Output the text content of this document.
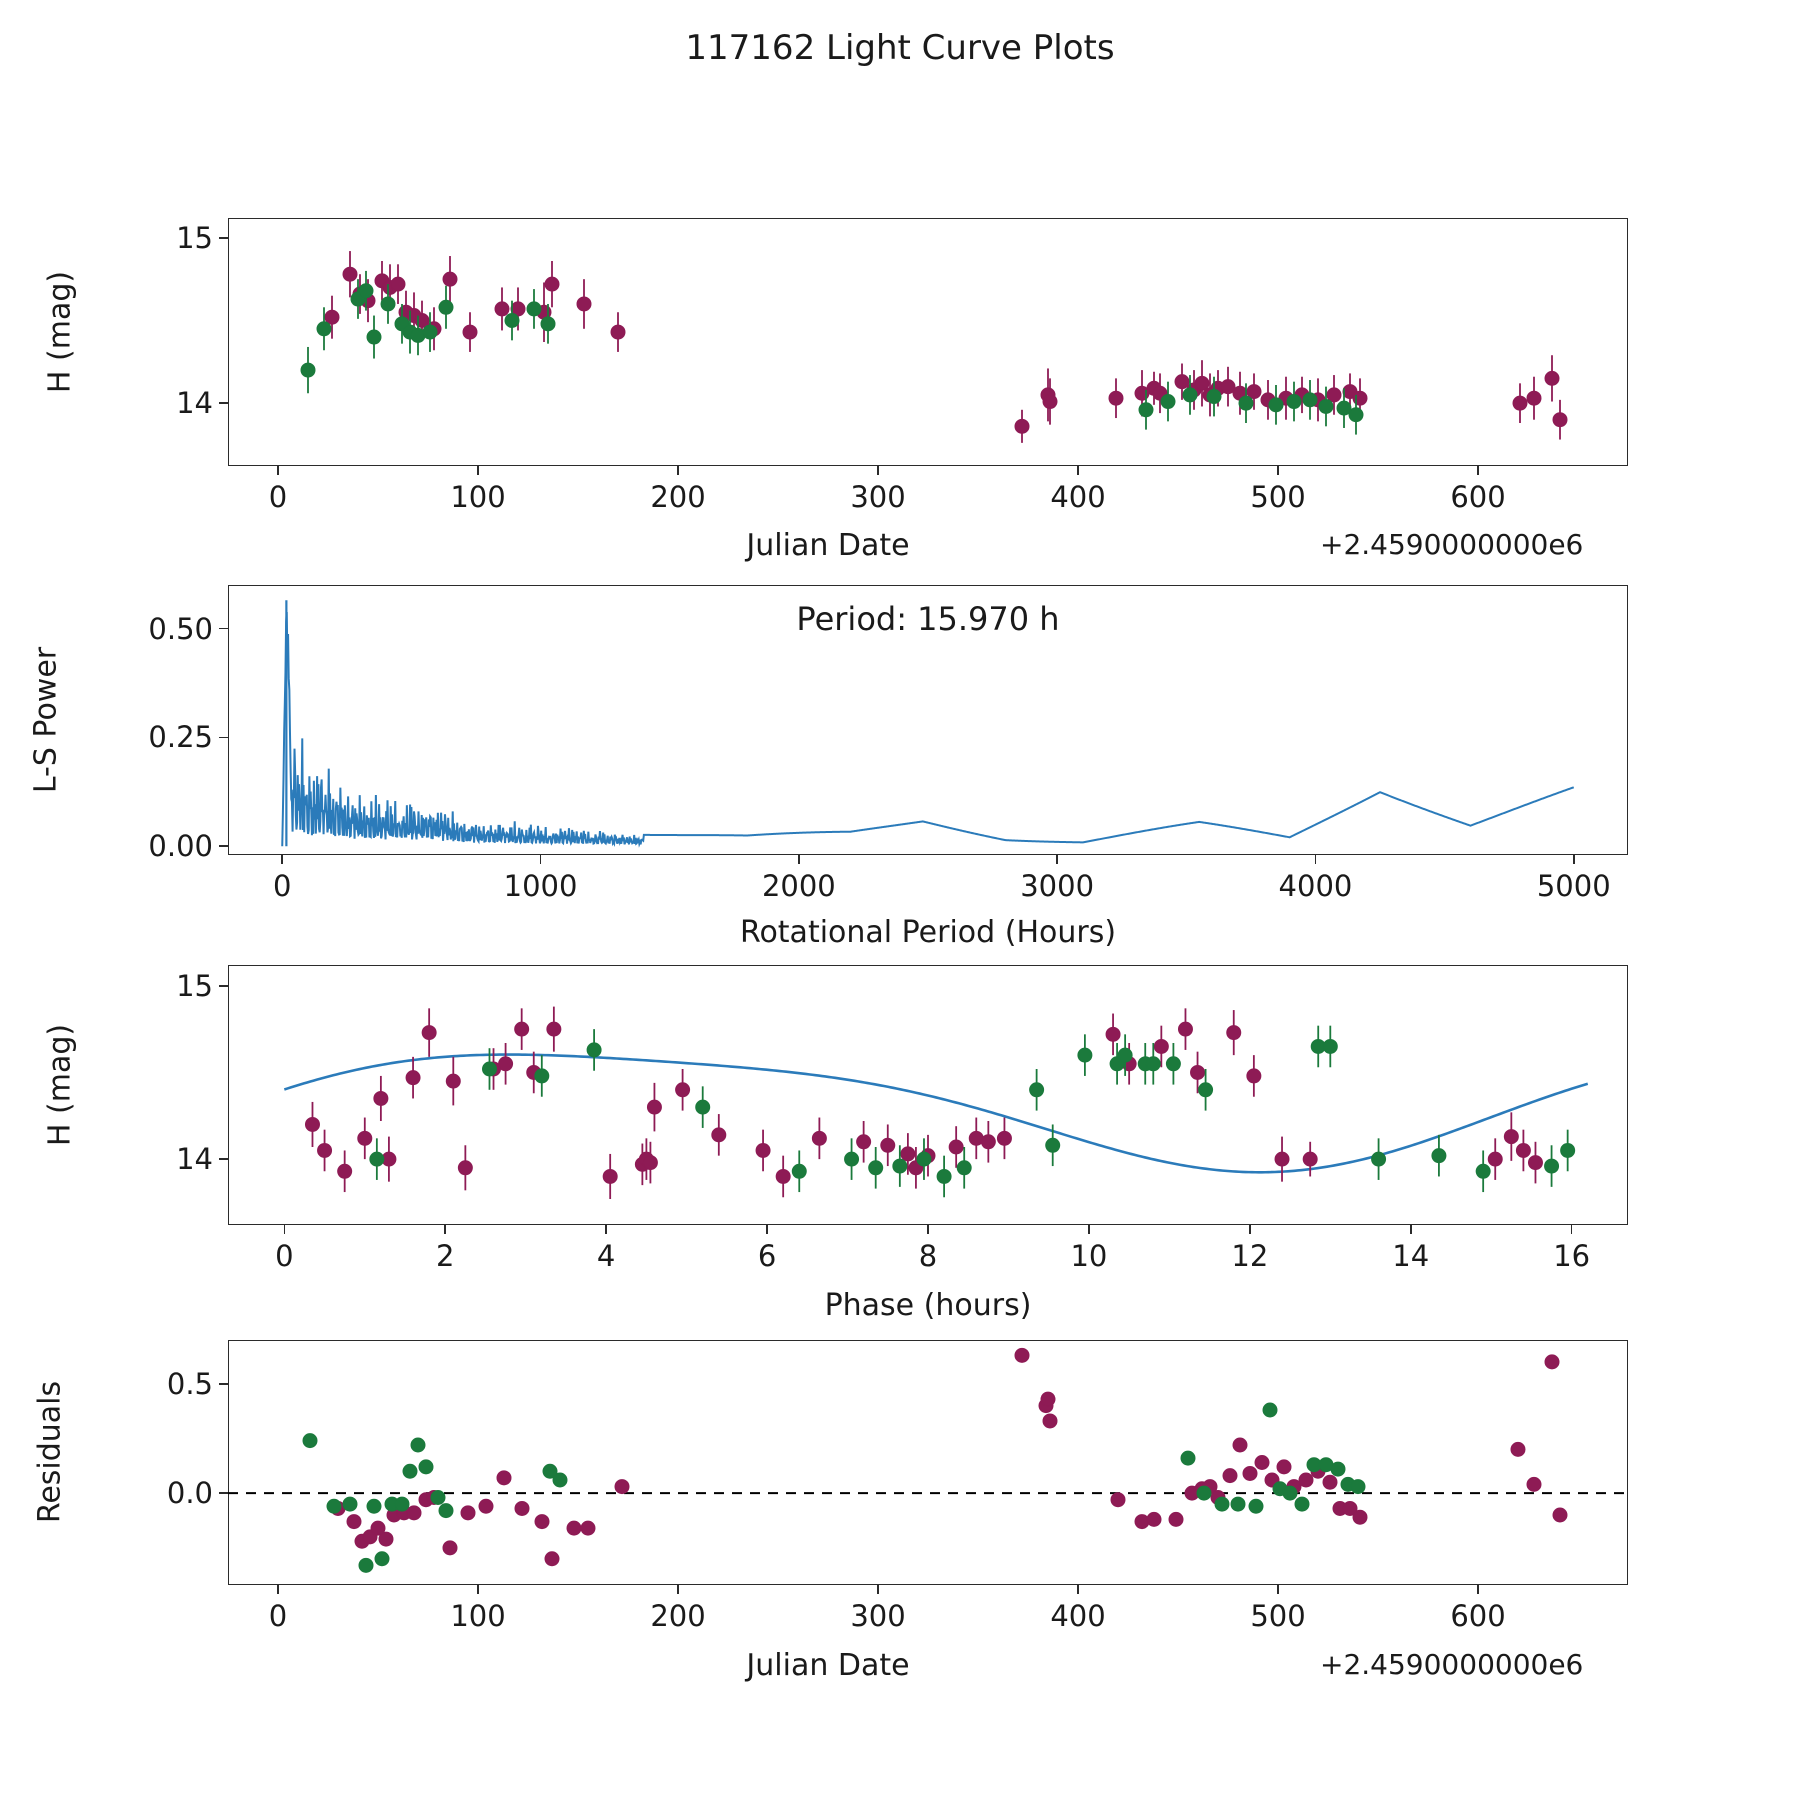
117162 Light Curve Plots
H (mag)
Julian Date	+2.4590000000e6
L-S Power
Rotational Period (Hours)
Period: 15.970 h
H (mag)
Phase (hours)
Residuals
Julian Date	+2.4590000000e6
0	100	200	300	400	500	600
14
15
0	1000	2000	3000	4000	5000
0.00
0.25
0.50
0	2	4	6	8	10	12	14	16
14
15
0	100	200	300	400	500	600
0.0
0.5
